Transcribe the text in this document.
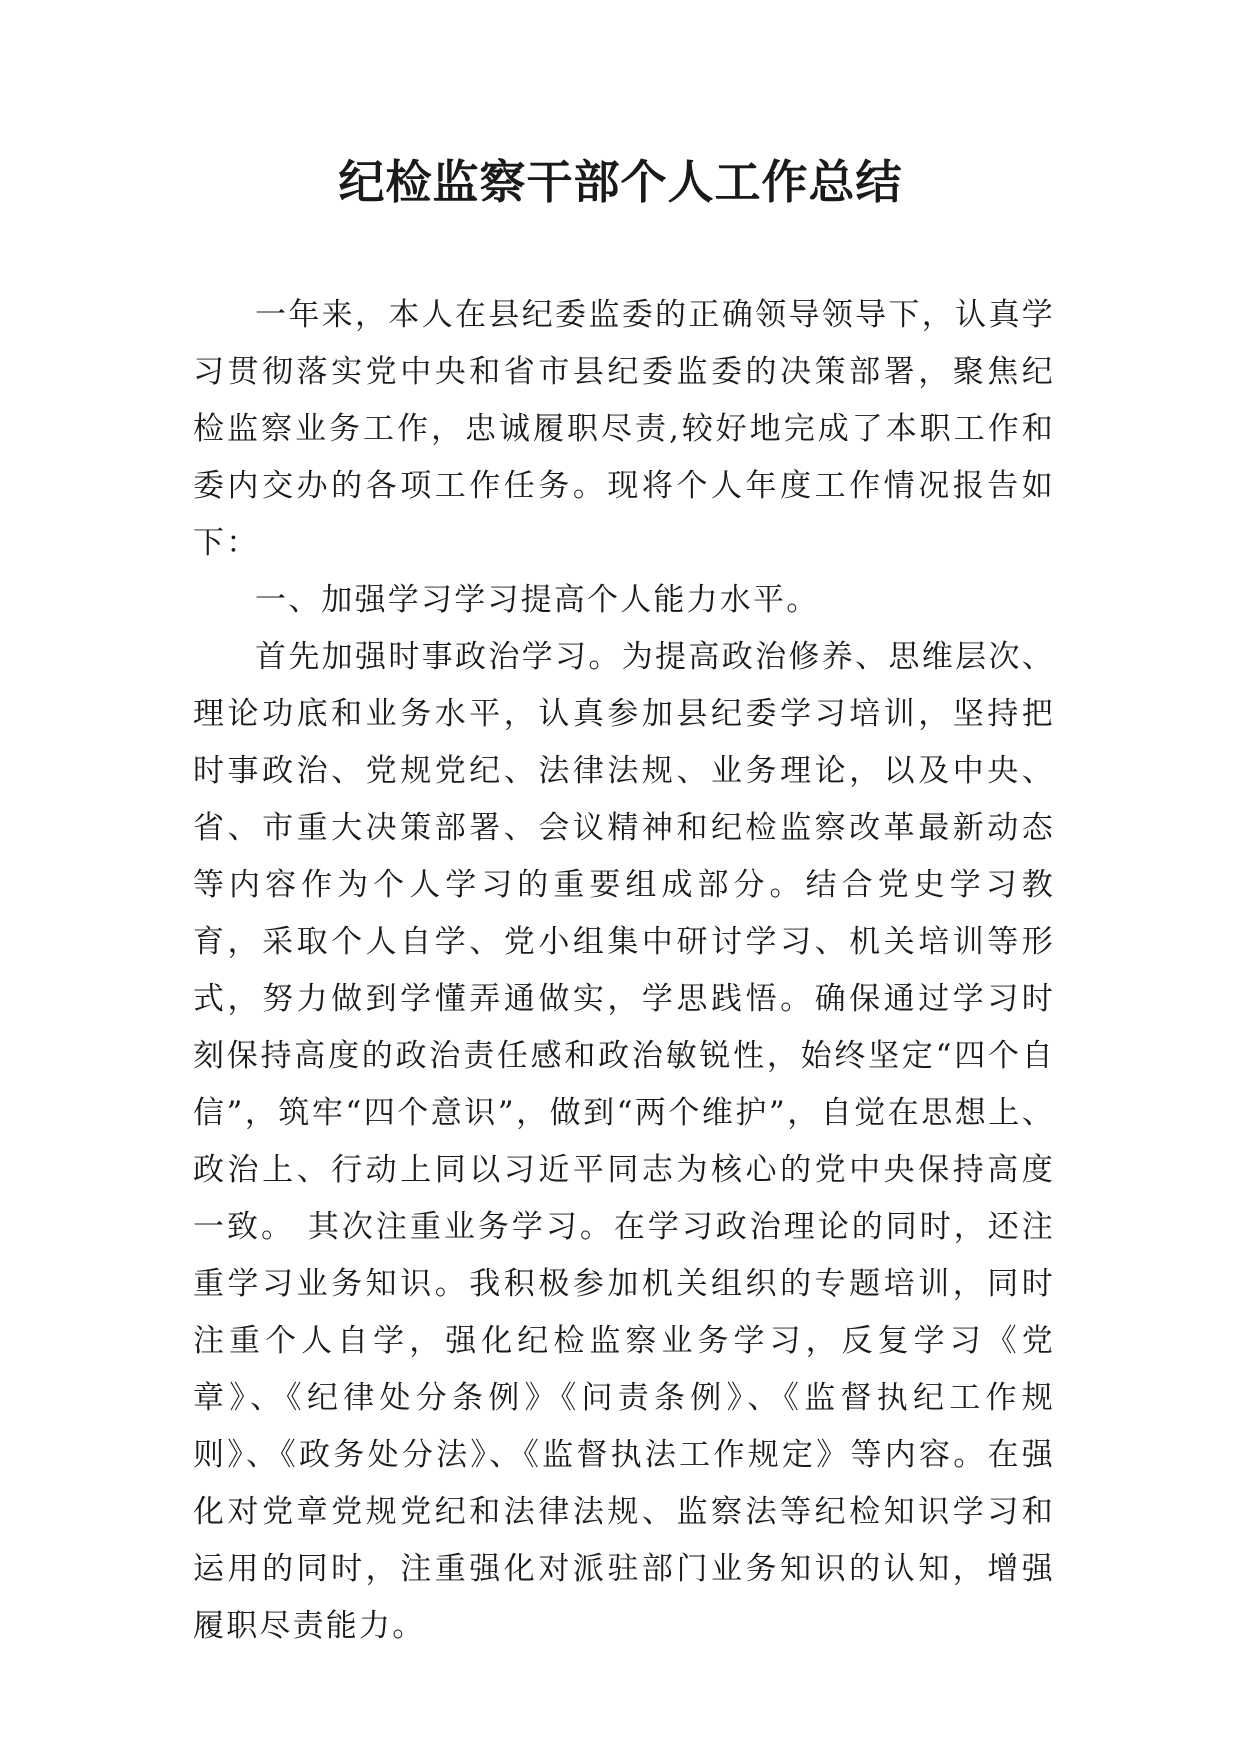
纪检监察干部个人工作总结

一年来，本人在县纪委监委的正确领导领导下，认真学习贯彻落实党中央和省市县纪委监委的决策部署，聚焦纪检监察业务工作，忠诚履职尽责,较好地完成了本职工作和委内交办的各项工作任务。现将个人年度工作情况报告如下：

一、加强学习学习提高个人能力水平。

首先加强时事政治学习。为提高政治修养、思维层次、理论功底和业务水平，认真参加县纪委学习培训，坚持把时事政治、党规党纪、法律法规、业务理论，以及中央、省、市重大决策部署、会议精神和纪检监察改革最新动态等内容作为个人学习的重要组成部分。结合党史学习教育，采取个人自学、党小组集中研讨学习、机关培训等形式，努力做到学懂弄通做实，学思践悟。确保通过学习时刻保持高度的政治责任感和政治敏锐性，始终坚定“四个自信”，筑牢“四个意识”，做到“两个维护”，自觉在思想上、政治上、行动上同以习近平同志为核心的党中央保持高度一致。 其次注重业务学习。在学习政治理论的同时，还注重学习业务知识。我积极参加机关组织的专题培训，同时注重个人自学，强化纪检监察业务学习，反复学习《党章》、《纪律处分条例》《问责条例》、《监督执纪工作规则》、《政务处分法》、《监督执法工作规定》等内容。在强化对党章党规党纪和法律法规、监察法等纪检知识学习和运用的同时，注重强化对派驻部门业务知识的认知，增强履职尽责能力。
